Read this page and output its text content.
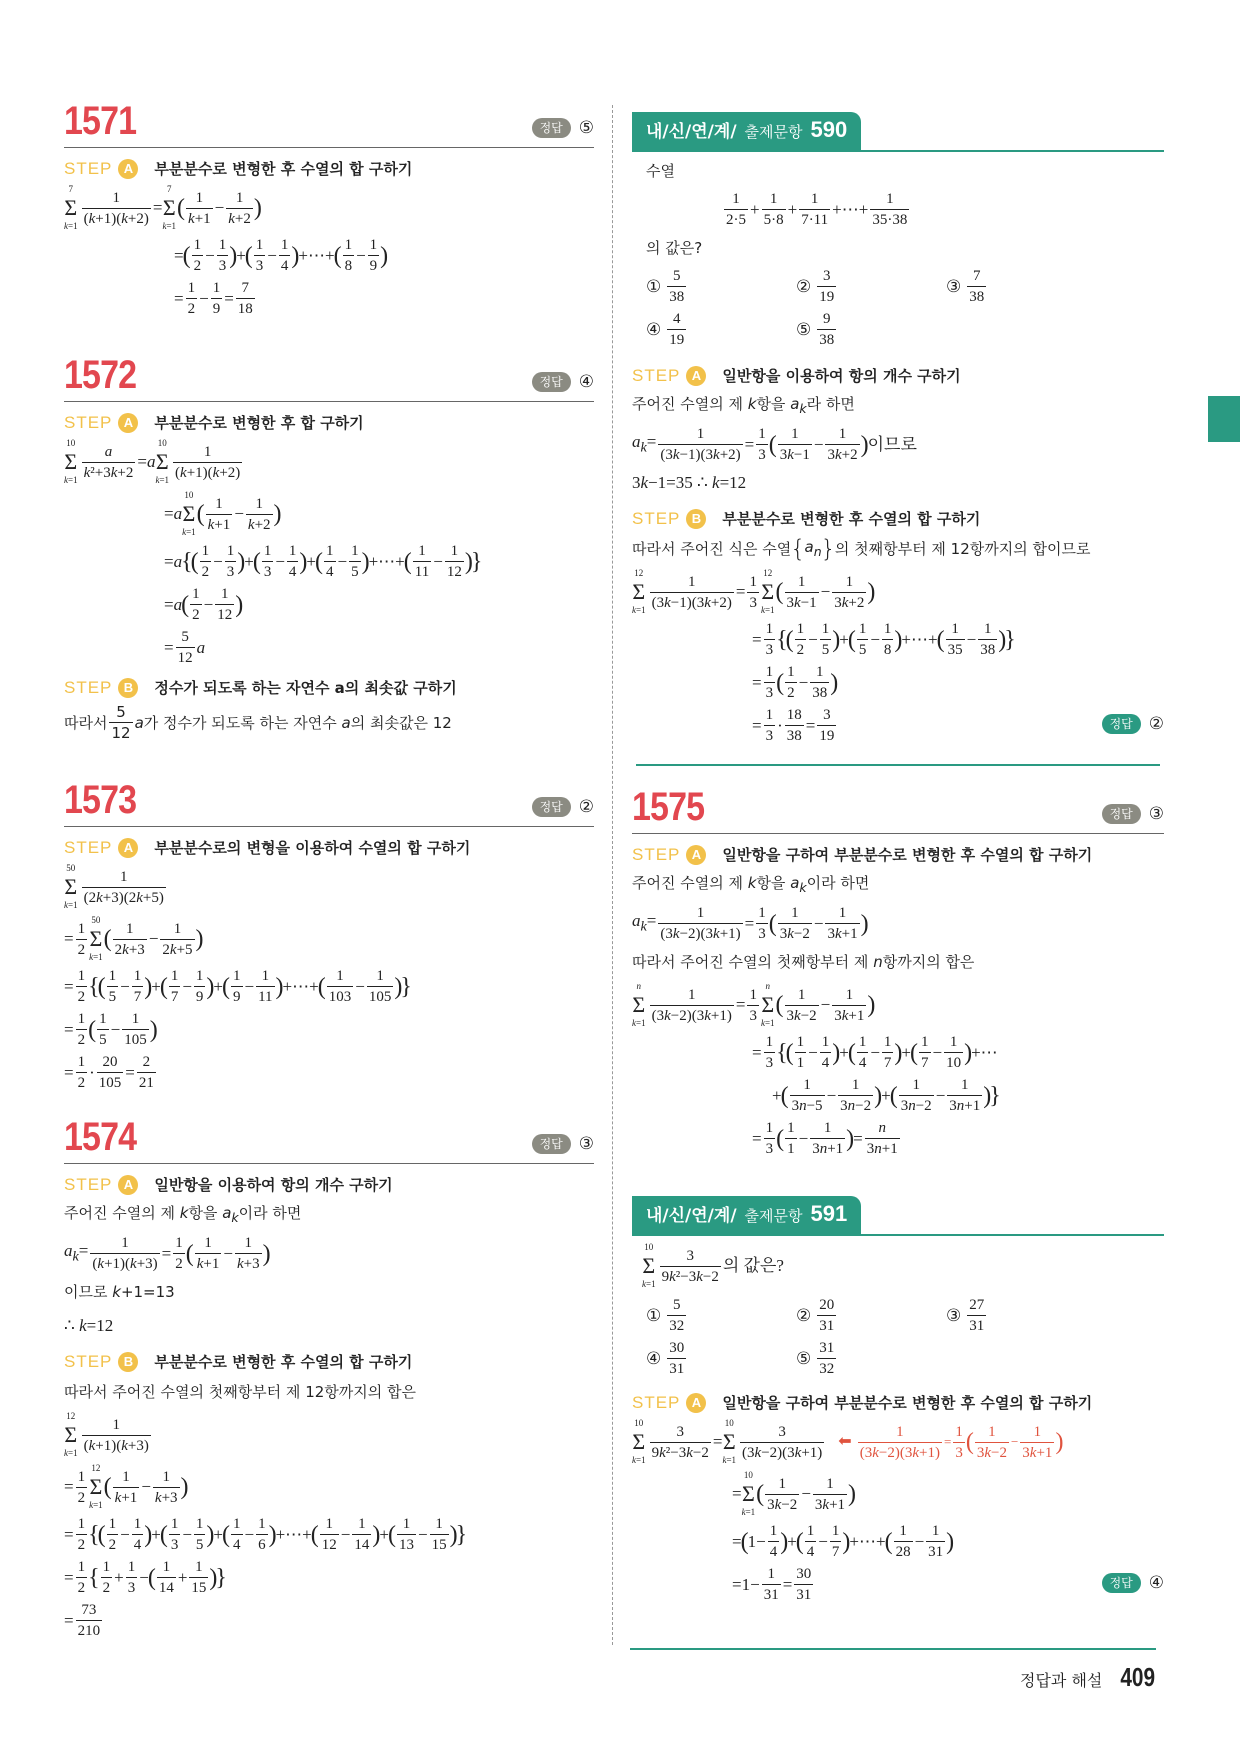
1571	정답 ⑤
STEP A	부분분수로 변형한 후 수열의 합 구하기
7
Σ
$k=1 \frac{1}{(k+1)(k+2)}$ =
7
Σ
k=1
( $\frac{1}{k+1} - \frac{1}{k+2}$ )
= ( $\frac{1}{2} - \frac{1}{3}$ ) + ( $\frac{1}{3} - \frac{1}{4}$ ) +⋯+ ( $\frac{1}{8} - \frac{1}{9}$ )
= $\frac{1}{2} - \frac{1}{9} = \frac{7}{18}$
1572	정답 ④
STEP A	부분분수로 변형한 후 합 구하기
10
Σ
$k=1 \frac{a}{\text{k²+3k+2}} =a$
10
Σ
$k=1 \frac{1}{(k+1)(k+2)}$
=a
10
Σ
k=1
( $\frac{1}{k+1} - \frac{1}{k+2}$ )
=a {
( $\frac{1}{2} - \frac{1}{3}$ ) + ( $\frac{1}{3} - \frac{1}{4}$ ) + ( $\frac{1}{4} - \frac{1}{5}$ ) +⋯+ ( $\frac{1}{11} - \frac{1}{12}$ )
}
=a ( $\frac{1}{2} - \frac{1}{12}$ )
= $\frac{5}{12}$ a
STEP B	정수가 되도록 하는 자연수 a의 최솟값 구하기
따라서 $\frac{5}{12}$ a가 정수가 되도록 하는 자연수 a의 최솟값은 12
1573	정답 ②
STEP A	부분분수로의 변형을 이용하여 수열의 합 구하기
50
Σ
$k=1 \frac{1}{(2k+3)(2k+5)}$
= $\frac{1}{2} 50$
Σ
k=1
( $\frac{1}{2k+3} - \frac{1}{2k+5}$ )
= $\frac{1}{2}$ {
( $\frac{1}{5} - \frac{1}{7}$ ) + ( $\frac{1}{7} - \frac{1}{9}$ ) + ( $\frac{1}{9} - \frac{1}{11}$ ) +⋯+ ( $\frac{1}{103} - \frac{1}{105}$ )
}
= $\frac{1}{2}$ ( $\frac{1}{5} - \frac{1}{105}$ )
= $\frac{1}{2} \cdot \frac{20}{105} = \frac{2}{21}$
1574	정답 ③
STEP A	일반항을 이용하여 항의 개수 구하기
주어진 수열의 제 k항을 $a_k$이라 하면
$a_k= \frac{1}{(k+1)(k+3)} = \frac{1}{2}$ ( $\frac{1}{k+1} - \frac{1}{k+3}$ )
이므로 k+1=13
∴ k=12
STEP B	부분분수로 변형한 후 수열의 합 구하기
따라서 주어진 수열의 첫째항부터 제 12항까지의 합은
12
Σ
$k=1 \frac{1}{(k+1)(k+3)}$
= $\frac{1}{2} 12$
Σ
k=1
( $\frac{1}{k+1} - \frac{1}{k+3}$ )
= $\frac{1}{2}$ {
( $\frac{1}{2} - \frac{1}{4}$ ) + ( $\frac{1}{3} - \frac{1}{5}$ ) + ( $\frac{1}{4} - \frac{1}{6}$ ) +⋯+ ( $\frac{1}{12} - \frac{1}{14}$ ) + ( $\frac{1}{13} - \frac{1}{15}$ )
}
= $\frac{1}{2}$ { $\frac{1}{2} + \frac{1}{3}$ − ( $\frac{1}{14} + \frac{1}{15}$ )
}
= $\frac{73}{210}$
내/신/연/계/ 출제문항 590
수열
$\frac{1}{2\cdot 5} + \frac{1}{5\cdot 8} + \frac{1}{7\cdot 11}$ +⋯+ $\frac{1}{35\cdot 38}$
의 값은?
① $\frac{5}{38}$	② $\frac{3}{19}$	③ $\frac{7}{38}$
④ $\frac{4}{19}$	⑤ $\frac{9}{38}$
STEP A	일반항을 이용하여 항의 개수 구하기
주어진 수열의 제 k항을 $a_k$라 하면
$a_k= \frac{1}{(3k-1)(3k+2)} = \frac{1}{3}$ ( $\frac{1}{3k-1} - \frac{1}{3k+2}$ ) 이므로
3k−1=35 ∴ k=12
STEP B	부분분수로 변형한 후 수열의 합 구하기
따라서 주어진 식은 수열 { $a_n$ } 의 첫째항부터 제 12항까지의 합이므로
12
Σ
$k=1 \frac{1}{(3k-1)(3k+2)} = \frac{1}{3} 12$
Σ
k=1
( $\frac{1}{3k-1} - \frac{1}{3k+2}$ )
= $\frac{1}{3}$ {
( $\frac{1}{2} - \frac{1}{5}$ ) + ( $\frac{1}{5} - \frac{1}{8}$ ) +⋯+ ( $\frac{1}{35} - \frac{1}{38}$ )
}
= $\frac{1}{3}$ ( $\frac{1}{2} - \frac{1}{38}$ )
= $\frac{1}{3} \cdot \frac{18}{38} = \frac{3}{19}$	정답 ②
1575	정답 ③
STEP A	일반항을 구하여 부분분수로 변형한 후 수열의 합 구하기
주어진 수열의 제 k항을 $a_k$이라 하면
$a_k= \frac{1}{(3k-2)(3k+1)} = \frac{1}{3}$ ( $\frac{1}{3k-2} - \frac{1}{3k+1}$ )
따라서 주어진 수열의 첫째항부터 제 n항까지의 합은
n
Σ
$k=1 \frac{1}{(3k-2)(3k+1)} = \frac{1}{3}$ n
Σ
k=1
( $\frac{1}{3k-2} - \frac{1}{3k+1}$ )
= $\frac{1}{3}$ {
( $\frac{1}{1} - \frac{1}{4}$ ) + ( $\frac{1}{4} - \frac{1}{7}$ ) + ( $\frac{1}{7} - \frac{1}{10}$ ) +⋯
+ ( $\frac{1}{3n-5} - \frac{1}{3n-2}$ ) + ( $\frac{1}{3n-2} - \frac{1}{3n+1}$ )
}
= $\frac{1}{3}$ ( $\frac{1}{1} - \frac{1}{3n+1}$ ) = $\frac{n}{3n+1}$
내/신/연/계/ 출제문항 591
10
Σ
$k=1 \frac{3}{\text{9k²−3k−2}}$ 의 값은?
① $\frac{5}{32}$	② $\frac{20}{31}$	③ $\frac{27}{31}$
④ $\frac{30}{31}$	⑤ $\frac{31}{32}$
STEP A	일반항을 구하여 부분분수로 변형한 후 수열의 합 구하기
10
Σ
$k=1 \frac{3}{\text{9k²−3k−2}}$ =
10
Σ
$k=1 \frac{3}{(3k-2)(3k+1)}$ ⬅ $\frac{1}{(3k-2)(3k+1)} = \frac{1}{3}$ ( $\frac{1}{3k-2} - \frac{1}{3k+1}$ )
=
10
Σ
k=1
( $\frac{1}{3k-2} - \frac{1}{3k+1}$ )
= ( $1- \frac{1}{4}$ ) + ( $\frac{1}{4} - \frac{1}{7}$ ) +⋯+ ( $\frac{1}{28} - \frac{1}{31}$ )
$=1- \frac{1}{31} = \frac{30}{31}$	정답 ④
정답과 해설 409
